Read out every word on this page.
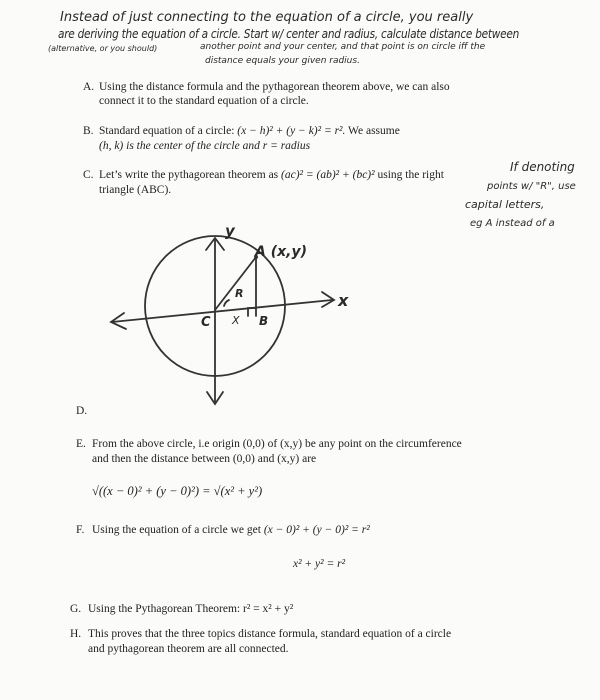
Instead of just connecting to the equation of a circle, you really
are deriving the equation of a circle. Start w/ center and radius, calculate distance between
(alternative, or you should)	another point and your center, and that point is on circle iff the
distance equals your given radius.
A. Using the distance formula and the pythagorean theorem above, we can also
connect it to the standard equation of a circle.
B. Standard equation of a circle: (x − h)² + (y − k)² = r². We assume
(h, k) is the center of the circle and r = radius
C. Let’s write the pythagorean theorem as (ac)² = (ab)² + (bc)² using the right
triangle (ABC).
If denoting
points w/ "R", use
capital letters,
eg A instead of a
y
x
A (x,y)
R
C X B
D.
E. From the above circle, i.e origin (0,0) of (x,y) be any point on the circumference
and then the distance between (0,0) and (x,y) are
√((x − 0)² + (y − 0)²) = √(x² + y²)
F. Using the equation of a circle we get (x − 0)² + (y − 0)² = r²
x² + y² = r²
G. Using the Pythagorean Theorem: r² = x² + y²
H. This proves that the three topics distance formula, standard equation of a circle
and pythagorean theorem are all connected.
